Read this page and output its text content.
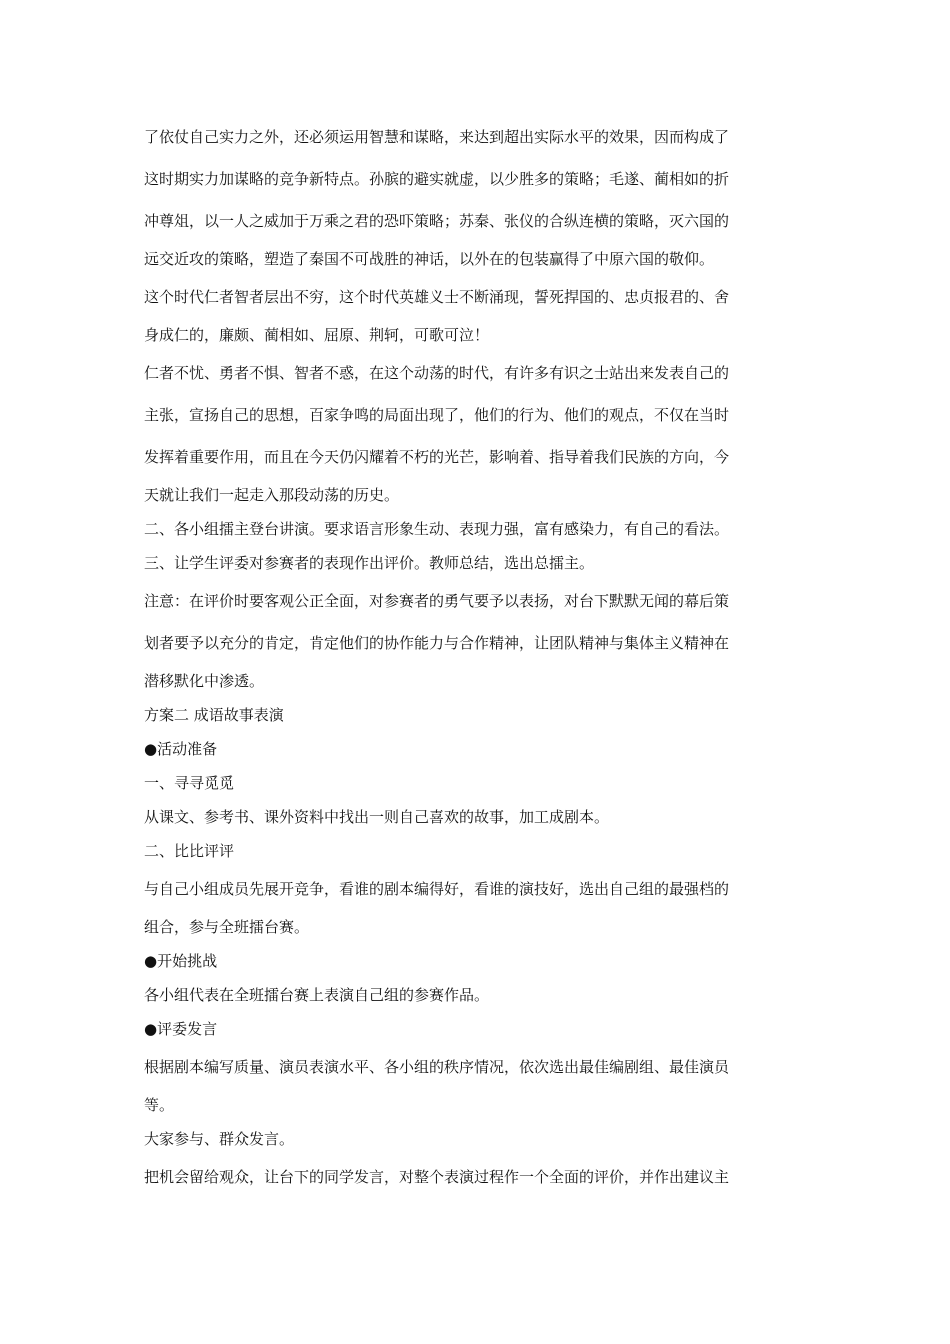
了依仗自己实力之外，还必须运用智慧和谋略，来达到超出实际水平的效果，因而构成了

这时期实力加谋略的竞争新特点。孙膑的避实就虚，以少胜多的策略；毛遂、蔺相如的折

冲尊俎，以一人之威加于万乘之君的恐吓策略；苏秦、张仪的合纵连横的策略，灭六国的

远交近攻的策略，塑造了秦国不可战胜的神话，以外在的包装赢得了中原六国的敬仰。

这个时代仁者智者层出不穷，这个时代英雄义士不断涌现，誓死捍国的、忠贞报君的、舍

身成仁的，廉颇、蔺相如、屈原、荆轲，可歌可泣！

仁者不忧、勇者不惧、智者不惑，在这个动荡的时代，有许多有识之士站出来发表自己的

主张，宣扬自己的思想，百家争鸣的局面出现了，他们的行为、他们的观点，不仅在当时

发挥着重要作用，而且在今天仍闪耀着不朽的光芒，影响着、指导着我们民族的方向，今

天就让我们一起走入那段动荡的历史。

二、各小组擂主登台讲演。要求语言形象生动、表现力强，富有感染力，有自己的看法。

三、让学生评委对参赛者的表现作出评价。教师总结，选出总擂主。

注意：在评价时要客观公正全面，对参赛者的勇气要予以表扬，对台下默默无闻的幕后策

划者要予以充分的肯定，肯定他们的协作能力与合作精神，让团队精神与集体主义精神在

潜移默化中渗透。

方案二 成语故事表演

●活动准备

一、寻寻觅觅

从课文、参考书、课外资料中找出一则自己喜欢的故事，加工成剧本。

二、比比评评

与自己小组成员先展开竞争，看谁的剧本编得好，看谁的演技好，选出自己组的最强档的

组合，参与全班擂台赛。

●开始挑战

各小组代表在全班擂台赛上表演自己组的参赛作品。

●评委发言

根据剧本编写质量、演员表演水平、各小组的秩序情况，依次选出最佳编剧组、最佳演员

等。

大家参与、群众发言。

把机会留给观众，让台下的同学发言，对整个表演过程作一个全面的评价，并作出建议主
